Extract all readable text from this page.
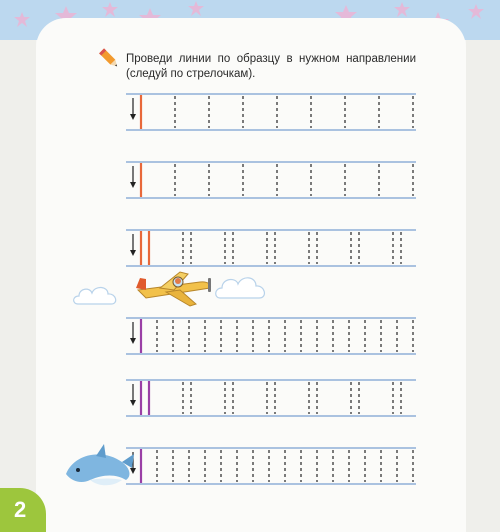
Проведи линии по образцу в нужном направлении (следуй по стрелочкам).
2
